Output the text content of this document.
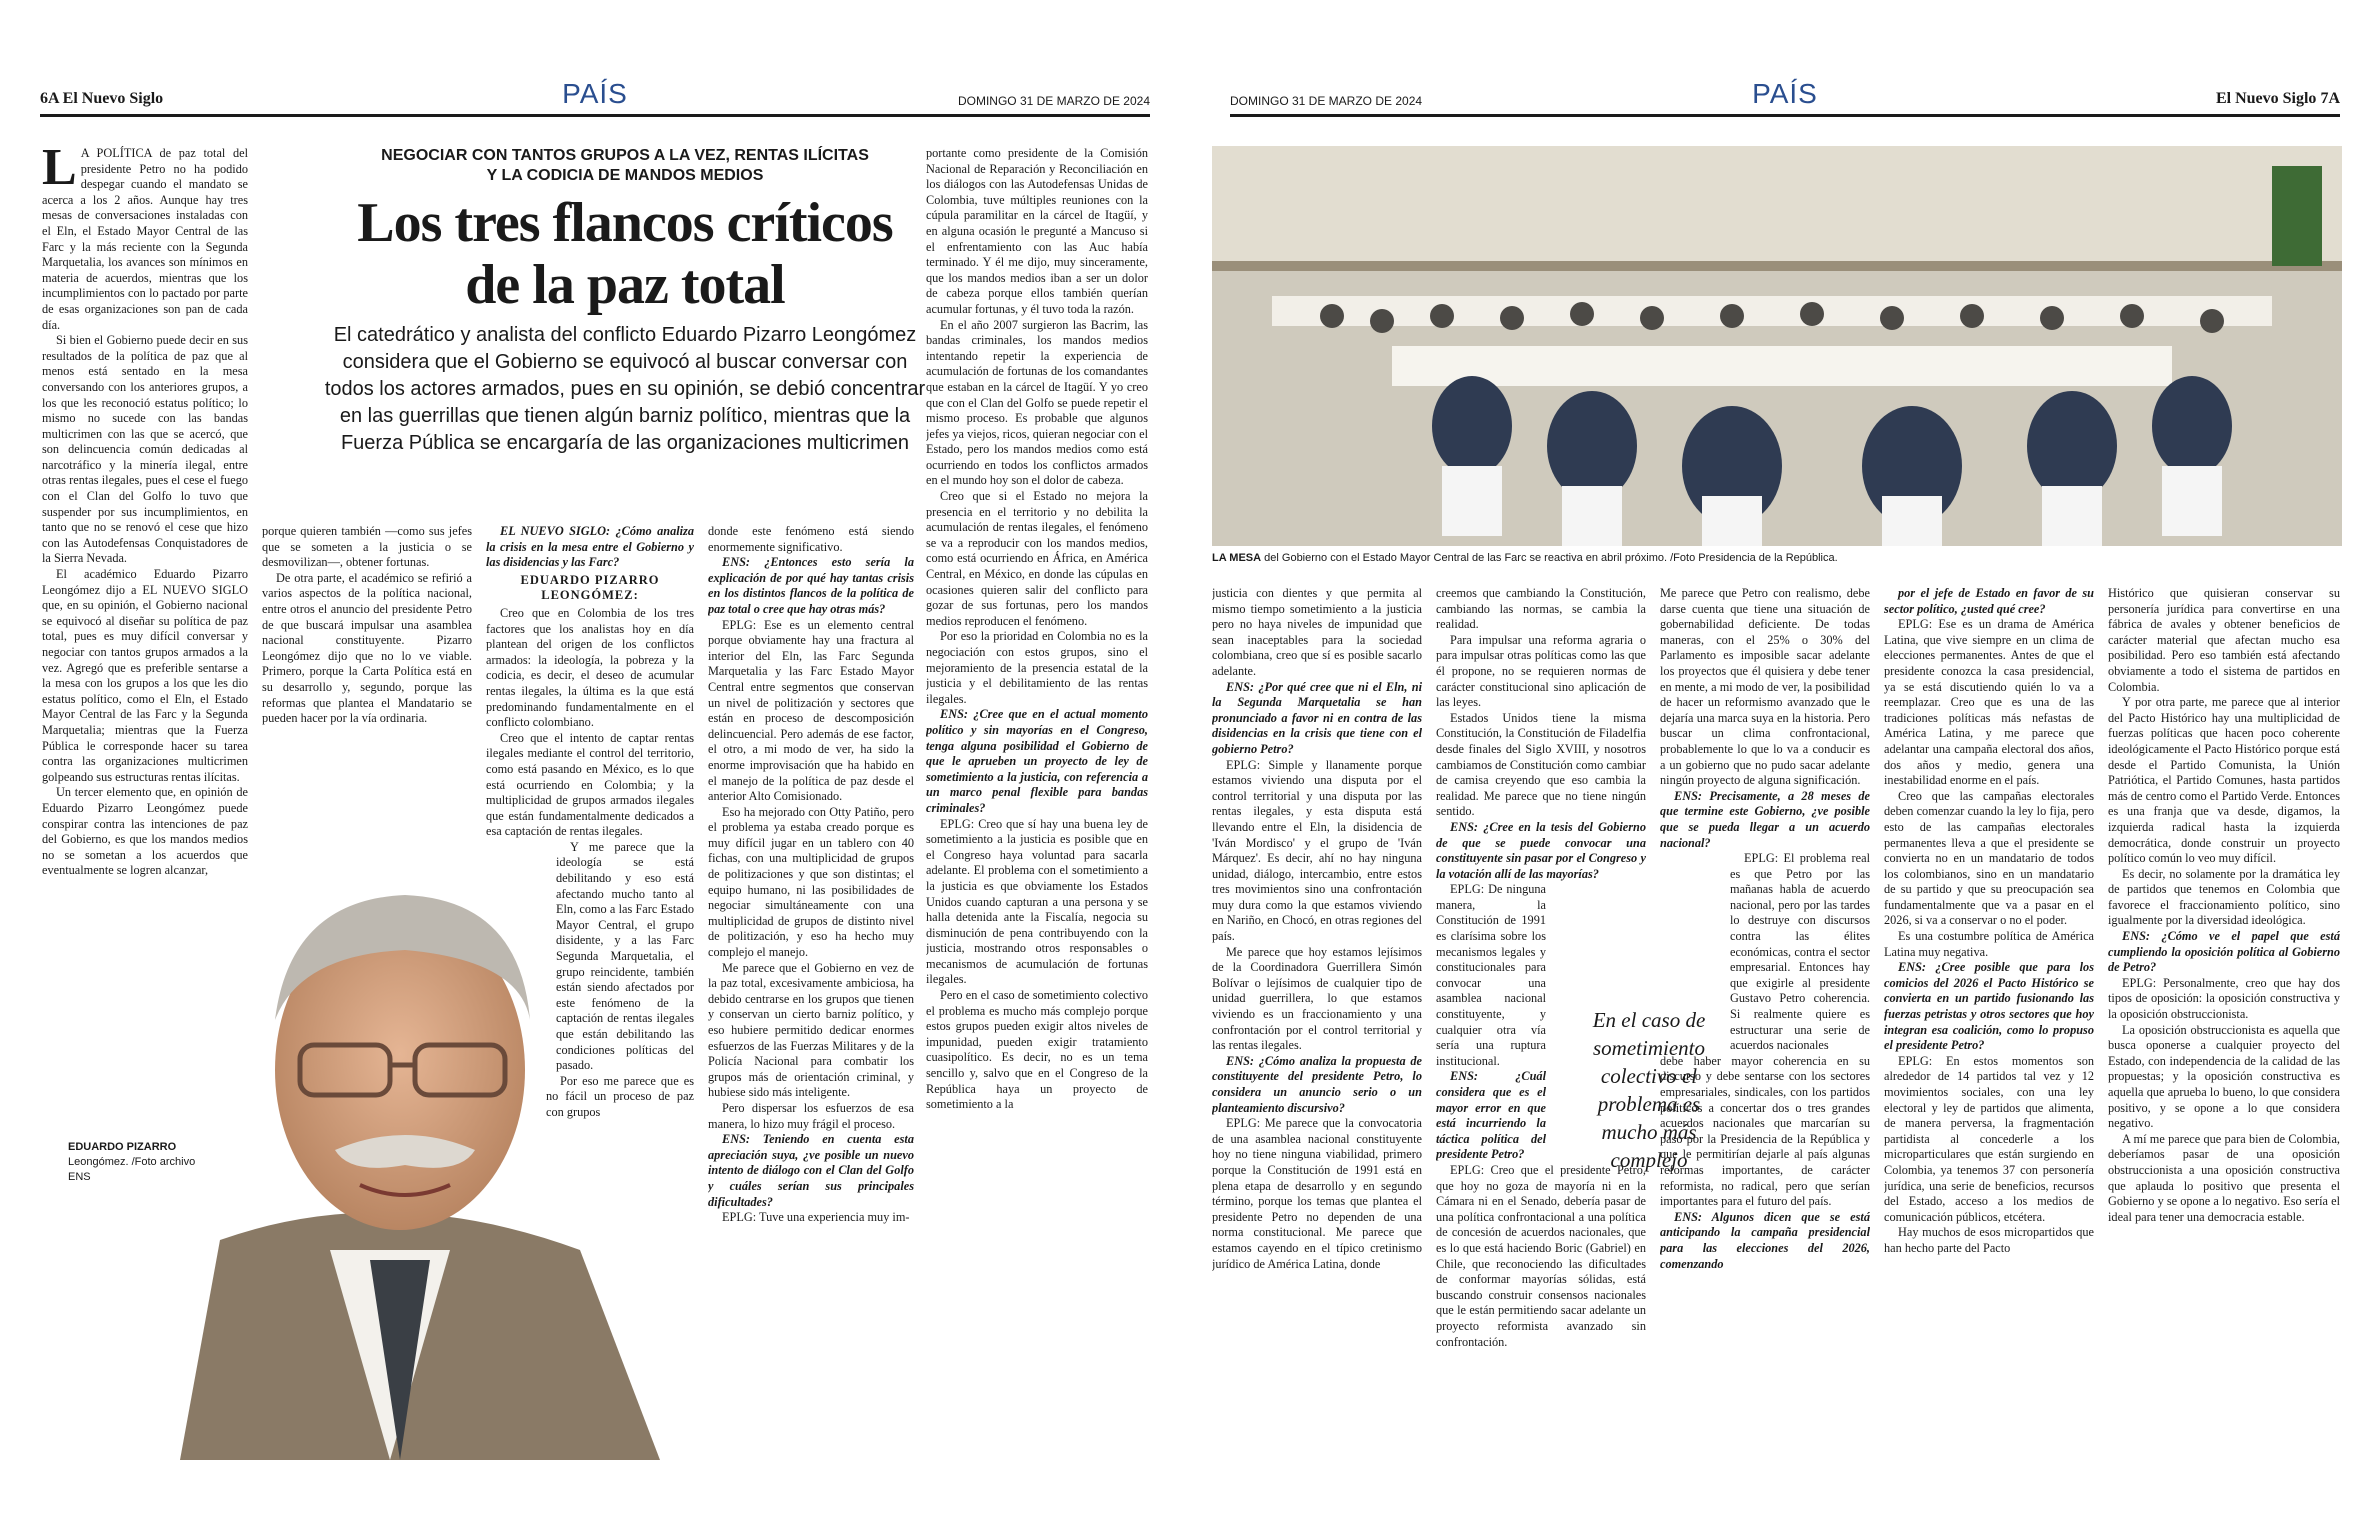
6A El Nuevo Siglo	PAÍS	DOMINGO 31 DE MARZO DE 2024
NEGOCIAR CON TANTOS GRUPOS A LA VEZ, RENTAS ILÍCITAS
Y LA CODICIA DE MANDOS MEDIOS
Los tres flancos críticos
de la paz total
El catedrático y analista del conflicto Eduardo Pizarro Leongómez considera que el Gobierno se equivocó al buscar conversar con todos los actores armados, pues en su opinión, se debió concentrar en las guerrillas que tienen algún barniz político, mientras que la Fuerza Pública se encargaría de las organizaciones multicrimen

L A POLÍTICA de paz total del presidente Petro no ha podido despegar cuando el mandato se acerca a los 2 años. Aunque hay tres mesas de conversaciones instaladas con el Eln, el Estado Mayor Central de las Farc y la más reciente con la Segunda Marquetalia, los avances son mínimos en materia de acuerdos, mientras que los incumplimientos con lo pactado por parte de esas organizaciones son pan de cada día.

Si bien el Gobierno puede decir en sus resultados de la política de paz que al menos está sentado en la mesa conversando con los anteriores grupos, a los que les reconoció estatus político; lo mismo no sucede con las bandas multicrimen con las que se acercó, que son delincuencia común dedicadas al narcotráfico y la minería ilegal, entre otras rentas ilegales, pues el cese el fuego con el Clan del Golfo lo tuvo que suspender por sus incumplimientos, en tanto que no se renovó el cese que hizo con las Autodefensas Conquistadores de la Sierra Nevada.

El académico Eduardo Pizarro Leongómez dijo a EL NUEVO SIGLO que, en su opinión, el Gobierno nacional se equivocó al diseñar su política de paz total, pues es muy difícil conversar y negociar con tantos grupos armados a la vez. Agregó que es preferible sentarse a la mesa con los grupos a los que les dio estatus político, como el Eln, el Estado Mayor Central de las Farc y la Segunda Marquetalia; mientras que la Fuerza Pública le corresponde hacer su tarea contra las organizaciones multicrimen golpeando sus estructuras rentas ilícitas.

Un tercer elemento que, en opinión de Eduardo Pizarro Leongómez puede conspirar contra las intenciones de paz del Gobierno, es que los mandos medios no se sometan a los acuerdos que eventualmente se logren alcanzar,

porque quieren también —como sus jefes que se someten a la justicia o se desmovilizan—, obtener fortunas.

De otra parte, el académico se refirió a varios aspectos de la política nacional, entre otros el anuncio del presidente Petro de que buscará impulsar una asamblea nacional constituyente. Pizarro Leongómez dijo que no lo ve viable. Primero, porque la Carta Política está en su desarrollo y, segundo, porque las reformas que plantea el Mandatario se pueden hacer por la vía ordinaria.

EL NUEVO SIGLO: ¿Cómo analiza la crisis en la mesa entre el Gobierno y las disidencias y las Farc?

EDUARDO PIZARRO LEONGÓMEZ:

Creo que en Colombia de los tres factores que los analistas hoy en día plantean del origen de los conflictos armados: la ideología, la pobreza y la codicia, es decir, el deseo de acumular rentas ilegales, la última es la que está predominando fundamentalmente en el conflicto colombiano.

Creo que el intento de captar rentas ilegales mediante el control del territorio, como está pasando en México, es lo que está ocurriendo en Colombia; y la multiplicidad de grupos armados ilegales que están fundamentalmente dedicados a esa captación de rentas ilegales.

Y me parece que la ideología se está debilitando y eso está afectando mucho tanto al Eln, como a las Farc Estado Mayor Central, el grupo disidente, y a las Farc Segunda Marquetalia, el grupo reincidente, también están siendo afectados por este fenómeno de la captación de rentas ilegales que están debilitando las condiciones políticas del pasado.

Por eso me parece que es no fácil un proceso de paz con grupos

donde este fenómeno está siendo enormemente significativo.

ENS: ¿Entonces esto sería la explicación de por qué hay tantas crisis en los distintos flancos de la política de paz total o cree que hay otras más?

EPLG: Ese es un elemento central porque obviamente hay una fractura al interior del Eln, las Farc Segunda Marquetalia y las Farc Estado Mayor Central entre segmentos que conservan un nivel de politización y sectores que están en proceso de descomposición delincuencial. Pero además de ese factor, el otro, a mi modo de ver, ha sido la enorme improvisación que ha habido en el manejo de la política de paz desde el anterior Alto Comisionado.

Eso ha mejorado con Otty Patiño, pero el problema ya estaba creado porque es muy difícil jugar en un tablero con 40 fichas, con una multiplicidad de grupos de politizaciones y que son distintas; el equipo humano, ni las posibilidades de negociar simultáneamente con una multiplicidad de grupos de distinto nivel de politización, y eso ha hecho muy complejo el manejo.

Me parece que el Gobierno en vez de la paz total, excesivamente ambiciosa, ha debido centrarse en los grupos que tienen y conservan un cierto barniz político, y eso hubiere permitido dedicar enormes esfuerzos de las Fuerzas Militares y de la Policía Nacional para combatir los grupos más de orientación criminal, y hubiese sido más inteligente.

Pero dispersar los esfuerzos de esa manera, lo hizo muy frágil el proceso.

ENS: Teniendo en cuenta esta apreciación suya, ¿ve posible un nuevo intento de diálogo con el Clan del Golfo y cuáles serían sus principales dificultades?

EPLG: Tuve una experiencia muy im-

portante como presidente de la Comisión Nacional de Reparación y Reconciliación en los diálogos con las Autodefensas Unidas de Colombia, tuve múltiples reuniones con la cúpula paramilitar en la cárcel de Itagüí, y en alguna ocasión le pregunté a Mancuso si el enfrentamiento con las Auc había terminado. Y él me dijo, muy sinceramente, que los mandos medios iban a ser un dolor de cabeza porque ellos también querían acumular fortunas, y él tuvo toda la razón.

En el año 2007 surgieron las Bacrim, las bandas criminales, los mandos medios intentando repetir la experiencia de acumulación de fortunas de los comandantes que estaban en la cárcel de Itagüí. Y yo creo que con el Clan del Golfo se puede repetir el mismo proceso. Es probable que algunos jefes ya viejos, ricos, quieran negociar con el Estado, pero los mandos medios como está ocurriendo en todos los conflictos armados en el mundo hoy son el dolor de cabeza.

Creo que si el Estado no mejora la presencia en el territorio y no debilita la acumulación de rentas ilegales, el fenómeno se va a reproducir con los mandos medios, como está ocurriendo en África, en América Central, en México, en donde las cúpulas en ocasiones quieren salir del conflicto para gozar de sus fortunas, pero los mandos medios reproducen el fenómeno.

Por eso la prioridad en Colombia no es la negociación con estos grupos, sino el mejoramiento de la presencia estatal de la justicia y el debilitamiento de las rentas ilegales.

ENS: ¿Cree que en el actual momento político y sin mayorías en el Congreso, tenga alguna posibilidad el Gobierno de que le aprueben un proyecto de ley de sometimiento a la justicia, con referencia a un marco penal flexible para bandas criminales?

EPLG: Creo que sí hay una buena ley de sometimiento a la justicia es posible que en el Congreso haya voluntad para sacarla adelante. El problema con el sometimiento a la justicia es que obviamente los Estados Unidos cuando capturan a una persona y se halla detenida ante la Fiscalía, negocia su disminución de pena contribuyendo con la justicia, mostrando otros responsables o mecanismos de acumulación de fortunas ilegales.

Pero en el caso de sometimiento colectivo el problema es mucho más complejo porque estos grupos pueden exigir altos niveles de impunidad, pueden exigir tratamiento cuasipolítico. Es decir, no es un tema sencillo y, salvo que en el Congreso de la República haya un proyecto de sometimiento a la

EDUARDO PIZARRO
Leongómez. /Foto archivo ENS
DOMINGO 31 DE MARZO DE 2024	PAÍS	El Nuevo Siglo 7A
LA MESA del Gobierno con el Estado Mayor Central de las Farc se reactiva en abril próximo. /Foto Presidencia de la República.

justicia con dientes y que permita al mismo tiempo sometimiento a la justicia pero no haya niveles de impunidad que sean inaceptables para la sociedad colombiana, creo que sí es posible sacarlo adelante.

ENS: ¿Por qué cree que ni el Eln, ni la Segunda Marquetalia se han pronunciado a favor ni en contra de las disidencias en la crisis que tiene con el gobierno Petro?

EPLG: Simple y llanamente porque estamos viviendo una disputa por el control territorial y una disputa por las rentas ilegales, y esta disputa está llevando entre el Eln, la disidencia de 'Iván Mordisco' y el grupo de 'Iván Márquez'. Es decir, ahí no hay ninguna unidad, diálogo, intercambio, entre estos tres movimientos sino una confrontación muy dura como la que estamos viviendo en Nariño, en Chocó, en otras regiones del país.

Me parece que hoy estamos lejísimos de la Coordinadora Guerrillera Simón Bolívar o lejísimos de cualquier tipo de unidad guerrillera, lo que estamos viviendo es un fraccionamiento y una confrontación por el control territorial y las rentas ilegales.

ENS: ¿Cómo analiza la propuesta de constituyente del presidente Petro, lo considera un anuncio serio o un planteamiento discursivo?

EPLG: Me parece que la convocatoria de una asamblea nacional constituyente hoy no tiene ninguna viabilidad, primero porque la Constitución de 1991 está en plena etapa de desarrollo y en segundo término, porque los temas que plantea el presidente Petro no dependen de una norma constitucional. Me parece que estamos cayendo en el típico cretinismo jurídico de América Latina, donde

creemos que cambiando la Constitución, cambiando las normas, se cambia la realidad.

Para impulsar una reforma agraria o para impulsar otras políticas como las que él propone, no se requieren normas de carácter constitucional sino aplicación de las leyes.

Estados Unidos tiene la misma Constitución, la Constitución de Filadelfia desde finales del Siglo XVIII, y nosotros cambiamos de Constitución como cambiar de camisa creyendo que eso cambia la realidad. Me parece que no tiene ningún sentido.

ENS: ¿Cree en la tesis del Gobierno de que se puede convocar una constituyente sin pasar por el Congreso y la votación allí de las mayorías?

EPLG: De ninguna manera, la Constitución de 1991 es clarísima sobre los mecanismos legales y constitucionales para convocar una asamblea nacional constituyente, y cualquier otra vía sería una ruptura institucional.

ENS: ¿Cuál considera que es el mayor error en que está incurriendo la táctica política del presidente Petro?

EPLG: Creo que el presidente Petro, que hoy no goza de mayoría ni en la Cámara ni en el Senado, debería pasar de una política confrontacional a una política de concesión de acuerdos nacionales, que es lo que está haciendo Boric (Gabriel) en Chile, que reconociendo las dificultades de conformar mayorías sólidas, está buscando construir consensos nacionales que le están permitiendo sacar adelante un proyecto reformista avanzado sin confrontación.

Me parece que Petro con realismo, debe darse cuenta que tiene una situación de gobernabilidad deficiente. De todas maneras, con el 25% o 30% del Parlamento es imposible sacar adelante los proyectos que él quisiera y debe tener en mente, a mi modo de ver, la posibilidad de hacer un reformismo avanzado que le dejaría una marca suya en la historia. Pero buscar un clima confrontacional, probablemente lo que lo va a conducir es a un gobierno que no pudo sacar adelante ningún proyecto de alguna significación.

ENS: Precisamente, a 28 meses de que termine este Gobierno, ¿ve posible que se pueda llegar a un acuerdo nacional?

EPLG: El problema real es que Petro por las mañanas habla de acuerdo nacional, pero por las tardes lo destruye con discursos contra las élites económicas, contra el sector empresarial. Entonces hay que exigirle al presidente Gustavo Petro coherencia. Si realmente quiere es estructurar una serie de acuerdos nacionales

debe haber mayor coherencia en su discurso y debe sentarse con los sectores empresariales, sindicales, con los partidos políticos a concertar dos o tres grandes acuerdos nacionales que marcarían su paso por la Presidencia de la República y que le permitirían dejarle al país algunas reformas importantes, de carácter reformista, no radical, pero que serían importantes para el futuro del país.

ENS: Algunos dicen que se está anticipando la campaña presidencial para las elecciones del 2026, comenzando

por el jefe de Estado en favor de su sector político, ¿usted qué cree?

EPLG: Ese es un drama de América Latina, que vive siempre en un clima de elecciones permanentes. Antes de que el presidente conozca la casa presidencial, ya se está discutiendo quién lo va a reemplazar. Creo que es una de las tradiciones políticas más nefastas de América Latina, y me parece que adelantar una campaña electoral dos años, dos años y medio, genera una inestabilidad enorme en el país.

Creo que las campañas electorales deben comenzar cuando la ley lo fija, pero esto de las campañas electorales permanentes lleva a que el presidente se convierta no en un mandatario de todos los colombianos, sino en un mandatario de su partido y que su preocupación sea fundamentalmente que va a pasar en el 2026, si va a conservar o no el poder.

Es una costumbre política de América Latina muy negativa.

ENS: ¿Cree posible que para los comicios del 2026 el Pacto Histórico se convierta en un partido fusionando las fuerzas petristas y otros sectores que hoy integran esa coalición, como lo propuso el presidente Petro?

EPLG: En estos momentos son alrededor de 14 partidos tal vez y 12 movimientos sociales, con una ley electoral y ley de partidos que alimenta, de manera perversa, la fragmentación partidista al concederle a los microparticulares que están surgiendo en Colombia, ya tenemos 37 con personería jurídica, una serie de beneficios, recursos del Estado, acceso a los medios de comunicación públicos, etcétera.

Hay muchos de esos micropartidos que han hecho parte del Pacto

Histórico que quisieran conservar su personería jurídica para convertirse en una fábrica de avales y obtener beneficios de carácter material que afectan mucho esa posibilidad. Pero eso también está afectando obviamente a todo el sistema de partidos en Colombia.

Y por otra parte, me parece que al interior del Pacto Histórico hay una multiplicidad de fuerzas políticas que hacen poco coherente ideológicamente el Pacto Histórico porque está desde el Partido Comunista, la Unión Patriótica, el Partido Comunes, hasta partidos más de centro como el Partido Verde. Entonces es una franja que va desde, digamos, la izquierda radical hasta la izquierda democrática, donde construir un proyecto político común lo veo muy difícil.

Es decir, no solamente por la dramática ley de partidos que tenemos en Colombia que favorece el fraccionamiento político, sino igualmente por la diversidad ideológica.

ENS: ¿Cómo ve el papel que está cumpliendo la oposición política al Gobierno de Petro?

EPLG: Personalmente, creo que hay dos tipos de oposición: la oposición constructiva y la oposición obstruccionista.

La oposición obstruccionista es aquella que busca oponerse a cualquier proyecto del Estado, con independencia de la calidad de las propuestas; y la oposición constructiva es aquella que aprueba lo bueno, lo que considera positivo, y se opone a lo que considera negativo.

A mí me parece que para bien de Colombia, deberíamos pasar de una oposición obstruccionista a una oposición constructiva que aplauda lo positivo que presenta el Gobierno y se opone a lo negativo. Eso sería el ideal para tener una democracia estable.

En el caso de sometimiento colectivo el problema es mucho más complejo
